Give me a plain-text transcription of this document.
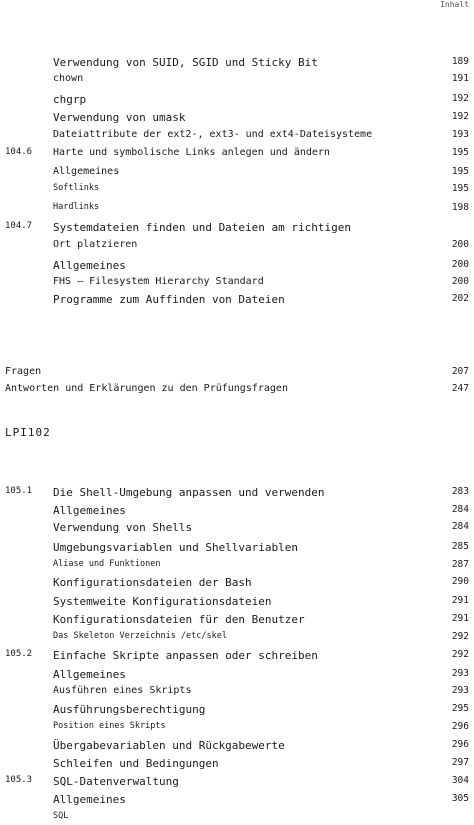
Inhalt
Verwendung von SUID, SGID und Sticky Bit	189
chown	191
chgrp	192
Verwendung von umask	192
Dateiattribute der ext2-, ext3- und ext4-Dateisysteme	193
104.6 Harte und symbolische Links anlegen und ändern	195
Allgemeines	195
Softlinks	195
Hardlinks	198
104.7 Systemdateien finden und Dateien am richtigen
Ort platzieren	200
Allgemeines	200
FHS – Filesystem Hierarchy Standard	200
Programme zum Auffinden von Dateien	202
Fragen	207
Antworten und Erklärungen zu den Prüfungsfragen	247
105.1 Die Shell-Umgebung anpassen und verwenden	283
Allgemeines	284
Verwendung von Shells	284
Umgebungsvariablen und Shellvariablen	285
Aliase und Funktionen	287
Konfigurationsdateien der Bash	290
Systemweite Konfigurationsdateien	291
Konfigurationsdateien für den Benutzer	291
Das Skeleton Verzeichnis /etc/skel	292
105.2 Einfache Skripte anpassen oder schreiben	292
Allgemeines	293
Ausführen eines Skripts	293
Ausführungsberechtigung	295
Position eines Skripts	296
Übergabevariablen und Rückgabewerte	296
Schleifen und Bedingungen	297
105.3 SQL-Datenverwaltung	304
Allgemeines	305
SQL
LPI102
